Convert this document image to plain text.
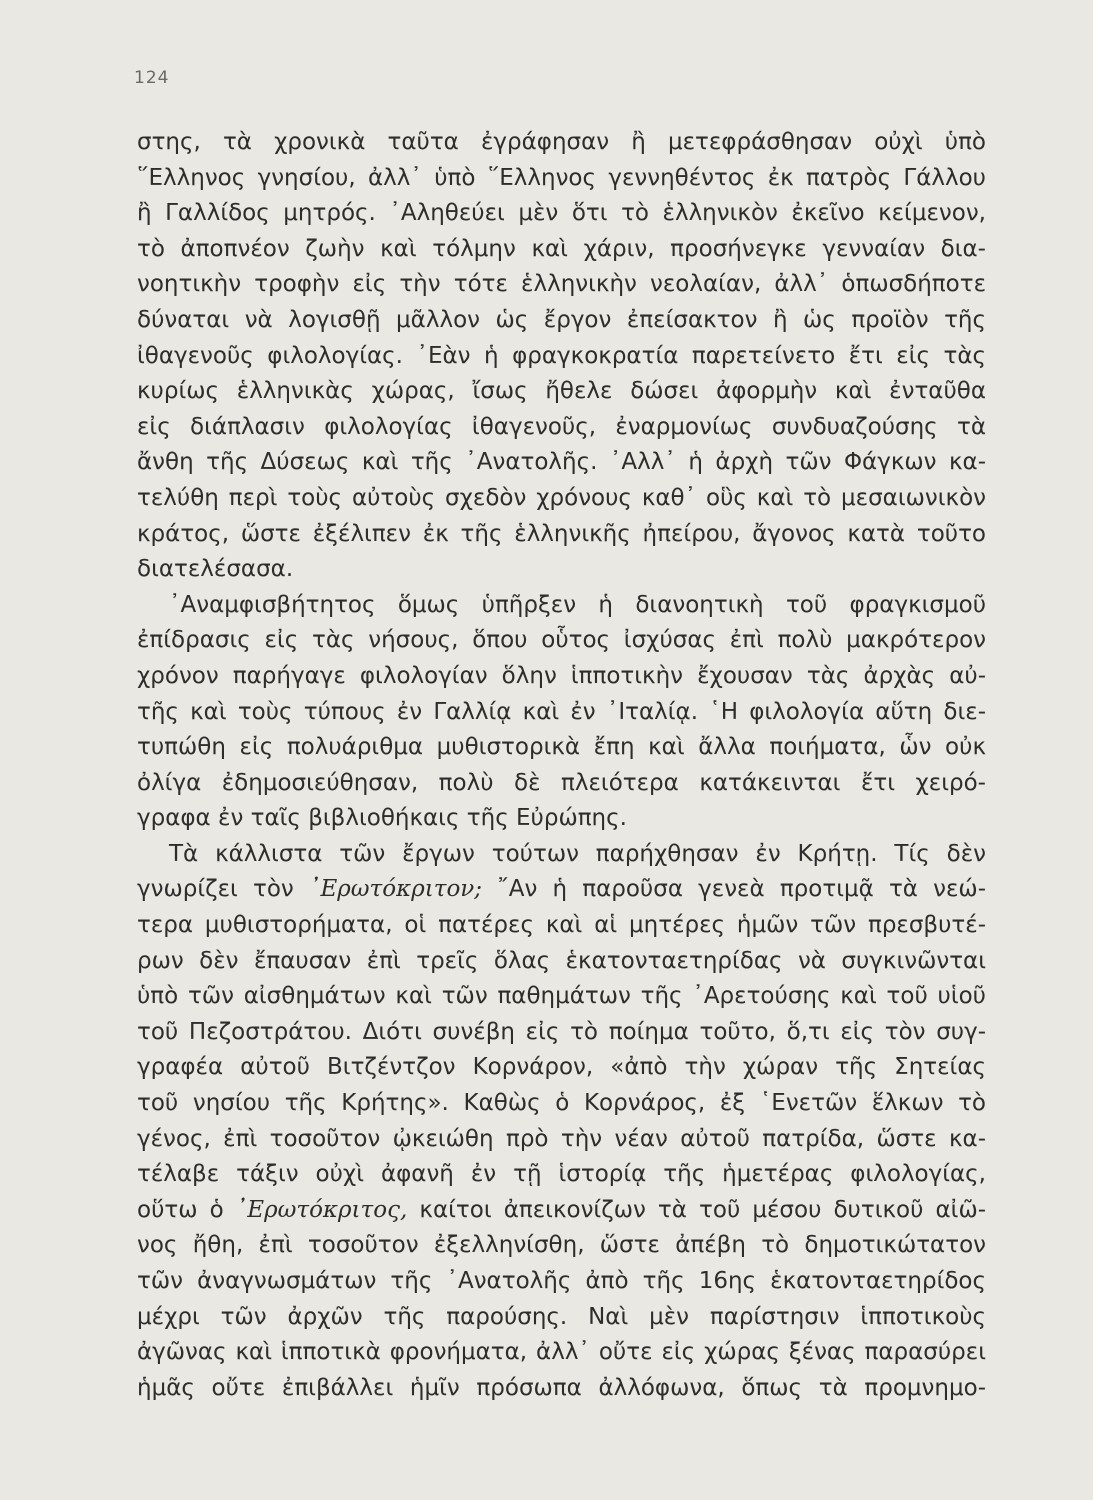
124
στης, τὰ χρονικὰ ταῦτα ἐγράφησαν ἢ μετεφράσθησαν οὐχὶ ὑπὸ
῞Ελληνος γνησίου, ἀλλ᾽ ὑπὸ ῞Ελληνος γεννηθέντος ἐκ πατρὸς Γάλλου
ἢ Γαλλίδος μητρός. ᾿Αληθεύει μὲν ὅτι τὸ ἑλληνικὸν ἐκεῖνο κείμενον,
τὸ ἀποπνέον ζωὴν καὶ τόλμην καὶ χάριν, προσήνεγκε γενναίαν δια-
νοητικὴν τροφὴν εἰς τὴν τότε ἑλληνικὴν νεολαίαν, ἀλλ᾽ ὁπωσδήποτε
δύναται νὰ λογισθῇ μᾶλλον ὡς ἔργον ἐπείσακτον ἢ ὡς προϊὸν τῆς
ἰθαγενοῦς φιλολογίας. ᾿Εὰν ἡ φραγκοκρατία παρετείνετο ἔτι εἰς τὰς
κυρίως ἑλληνικὰς χώρας, ἴσως ἤθελε δώσει ἀφορμὴν καὶ ἐνταῦθα
εἰς διάπλασιν φιλολογίας ἰθαγενοῦς, ἐναρμονίως συνδυαζούσης τὰ
ἄνθη τῆς Δύσεως καὶ τῆς ᾿Ανατολῆς. ᾿Αλλ᾽ ἡ ἀρχὴ τῶν Φάγκων κα-
τελύθη περὶ τοὺς αὐτοὺς σχεδὸν χρόνους καθ᾽ οὓς καὶ τὸ μεσαιωνικὸν
κράτος, ὥστε ἐξέλιπεν ἐκ τῆς ἑλληνικῆς ἠπείρου, ἄγονος κατὰ τοῦτο
διατελέσασα.
᾿Αναμφισβήτητος ὅμως ὑπῆρξεν ἡ διανοητικὴ τοῦ φραγκισμοῦ
ἐπίδρασις εἰς τὰς νήσους, ὅπου οὗτος ἰσχύσας ἐπὶ πολὺ μακρότερον
χρόνον παρήγαγε φιλολογίαν ὅλην ἱπποτικὴν ἔχουσαν τὰς ἀρχὰς αὐ-
τῆς καὶ τοὺς τύπους ἐν Γαλλίᾳ καὶ ἐν ᾿Ιταλίᾳ. ῾Η φιλολογία αὕτη διε-
τυπώθη εἰς πολυάριθμα μυθιστορικὰ ἔπη καὶ ἄλλα ποιήματα, ὧν οὐκ
ὀλίγα ἐδημοσιεύθησαν, πολὺ δὲ πλειότερα κατάκεινται ἔτι χειρό-
γραφα ἐν ταῖς βιβλιοθήκαις τῆς Εὐρώπης.
Τὰ κάλλιστα τῶν ἔργων τούτων παρήχθησαν ἐν Κρήτῃ. Τίς δὲν
γνωρίζει τὸν ᾿Ερωτόκριτον; ῎Αν ἡ παροῦσα γενεὰ προτιμᾷ τὰ νεώ-
τερα μυθιστορήματα, οἱ πατέρες καὶ αἱ μητέρες ἡμῶν τῶν πρεσβυτέ-
ρων δὲν ἔπαυσαν ἐπὶ τρεῖς ὅλας ἑκατονταετηρίδας νὰ συγκινῶνται
ὑπὸ τῶν αἰσθημάτων καὶ τῶν παθημάτων τῆς ᾿Αρετούσης καὶ τοῦ υἱοῦ
τοῦ Πεζοστράτου. Διότι συνέβη εἰς τὸ ποίημα τοῦτο, ὅ,τι εἰς τὸν συγ-
γραφέα αὐτοῦ Βιτζέντζον Κορνάρον, «ἀπὸ τὴν χώραν τῆς Σητείας
τοῦ νησίου τῆς Κρήτης». Καθὼς ὁ Κορνάρος, ἐξ ῾Ενετῶν ἕλκων τὸ
γένος, ἐπὶ τοσοῦτον ᾠκειώθη πρὸ τὴν νέαν αὐτοῦ πατρίδα, ὥστε κα-
τέλαβε τάξιν οὐχὶ ἀφανῆ ἐν τῇ ἱστορίᾳ τῆς ἡμετέρας φιλολογίας,
οὕτω ὁ ᾿Ερωτόκριτος, καίτοι ἀπεικονίζων τὰ τοῦ μέσου δυτικοῦ αἰῶ-
νος ἤθη, ἐπὶ τοσοῦτον ἐξελληνίσθη, ὥστε ἀπέβη τὸ δημοτικώτατον
τῶν ἀναγνωσμάτων τῆς ᾿Ανατολῆς ἀπὸ τῆς 16ης ἑκατονταετηρίδος
μέχρι τῶν ἀρχῶν τῆς παρούσης. Ναὶ μὲν παρίστησιν ἱπποτικοὺς
ἀγῶνας καὶ ἱπποτικὰ φρονήματα, ἀλλ᾽ οὔτε εἰς χώρας ξένας παρασύρει
ἡμᾶς οὔτε ἐπιβάλλει ἡμῖν πρόσωπα ἀλλόφωνα, ὅπως τὰ προμνημο-
